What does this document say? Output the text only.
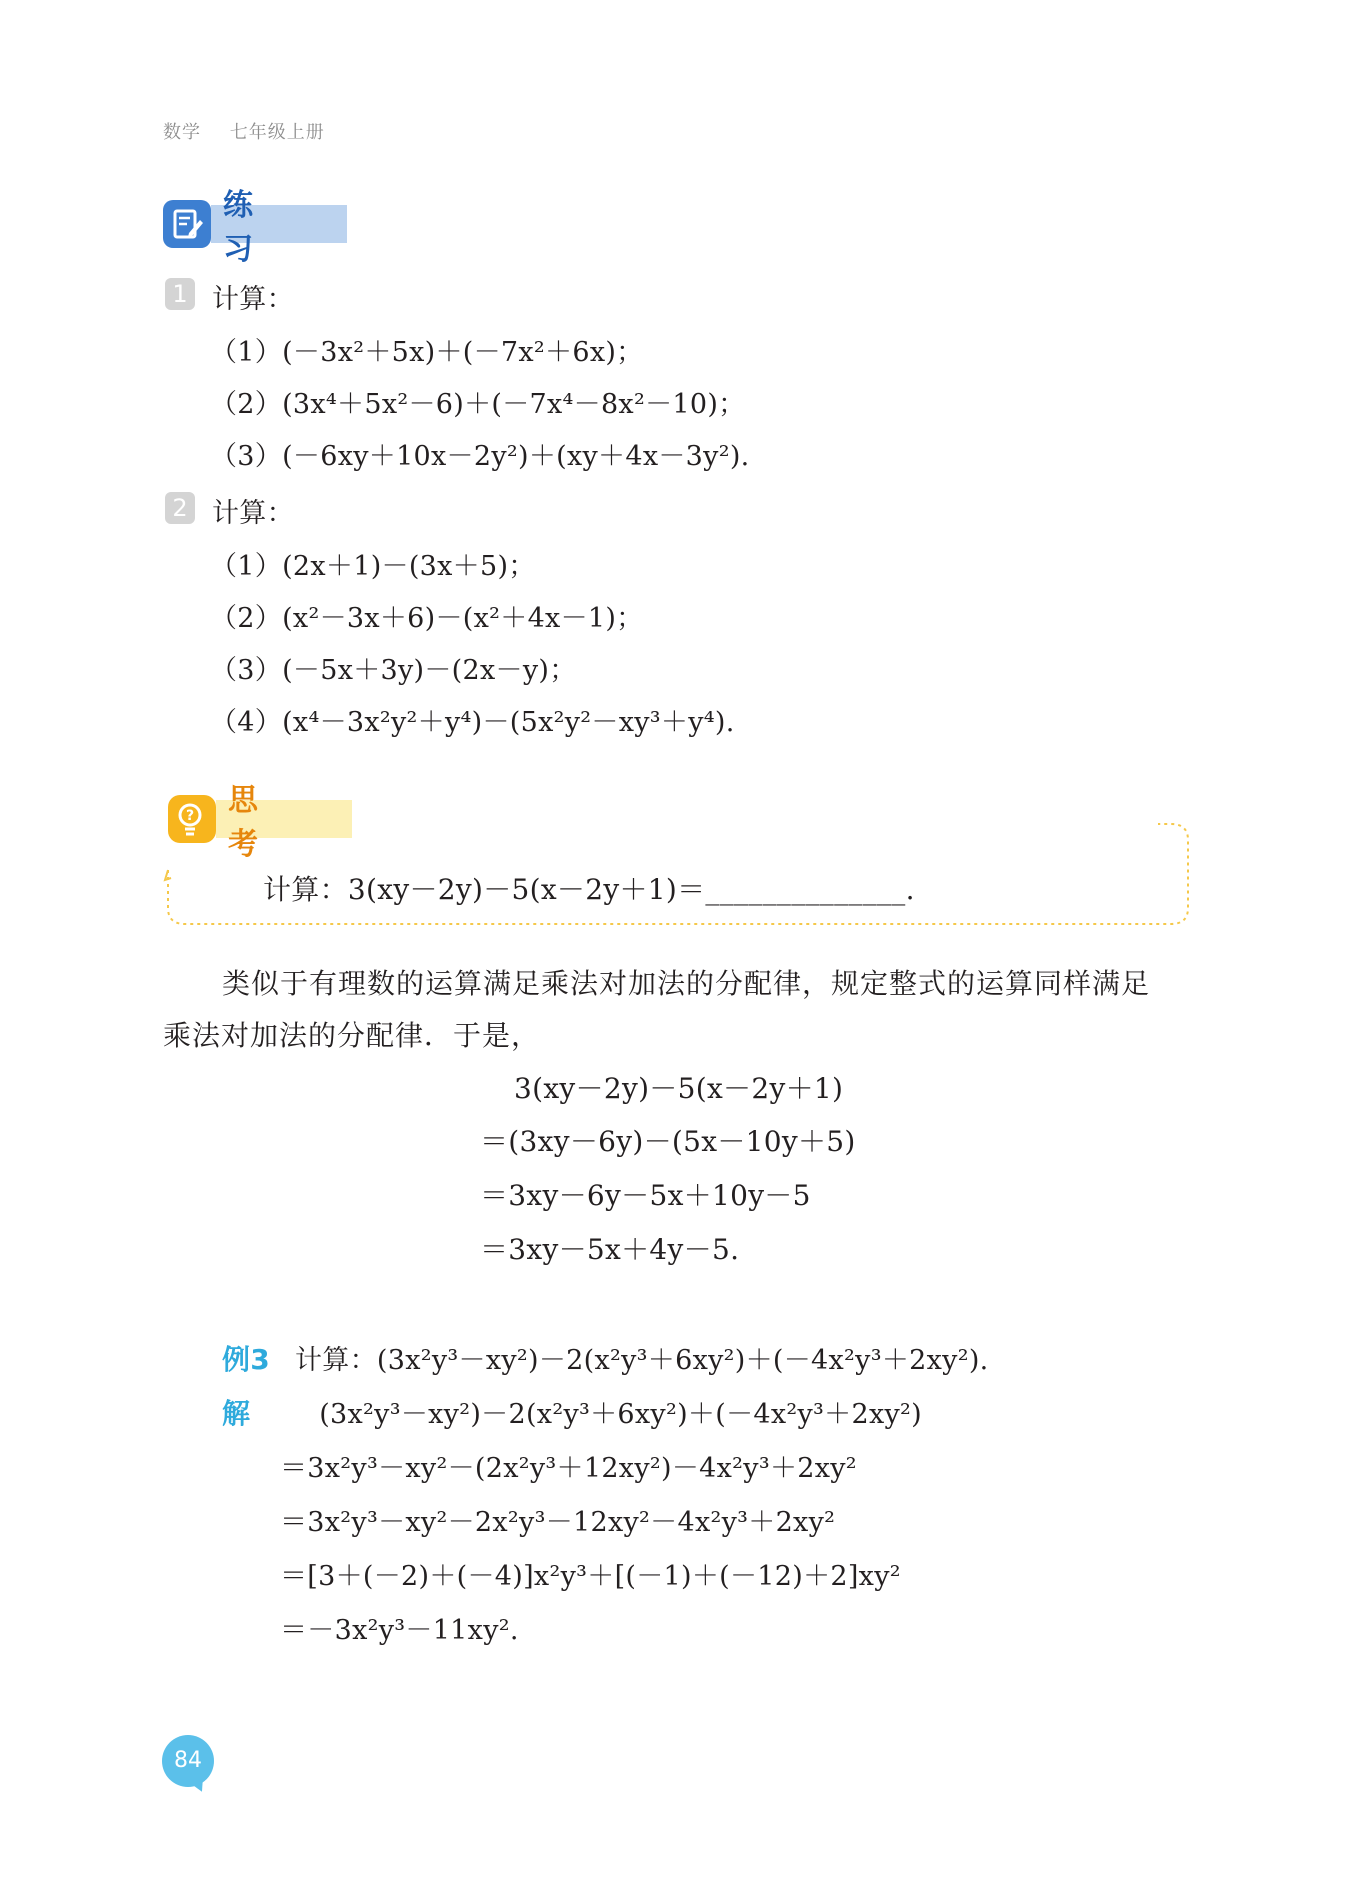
数学 七年级上册
练 习
1 计算：
（1）(－3x²＋5x)＋(－7x²＋6x)；
（2）(3x⁴＋5x²－6)＋(－7x⁴－8x²－10)；
（3）(－6xy＋10x－2y²)＋(xy＋4x－3y²).
2 计算：
（1）(2x＋1)－(3x＋5)；
（2）(x²－3x＋6)－(x²＋4x－1)；
（3）(－5x＋3y)－(2x－y)；
（4）(x⁴－3x²y²＋y⁴)－(5x²y²－xy³＋y⁴).
计算：3(xy－2y)－5(x－2y＋1)＝______________.
?	思 考
类似于有理数的运算满足乘法对加法的分配律，规定整式的运算同样满足
乘法对加法的分配律．于是，
3(xy－2y)－5(x－2y＋1)
＝(3xy－6y)－(5x－10y＋5)
＝3xy－6y－5x＋10y－5
＝3xy－5x＋4y－5.
例3 计算：(3x²y³－xy²)－2(x²y³＋6xy²)＋(－4x²y³＋2xy²).
解	(3x²y³－xy²)－2(x²y³＋6xy²)＋(－4x²y³＋2xy²)
＝3x²y³－xy²－(2x²y³＋12xy²)－4x²y³＋2xy²
＝3x²y³－xy²－2x²y³－12xy²－4x²y³＋2xy²
＝[3＋(－2)＋(－4)]x²y³＋[(－1)＋(－12)＋2]xy²
＝－3x²y³－11xy².
84
